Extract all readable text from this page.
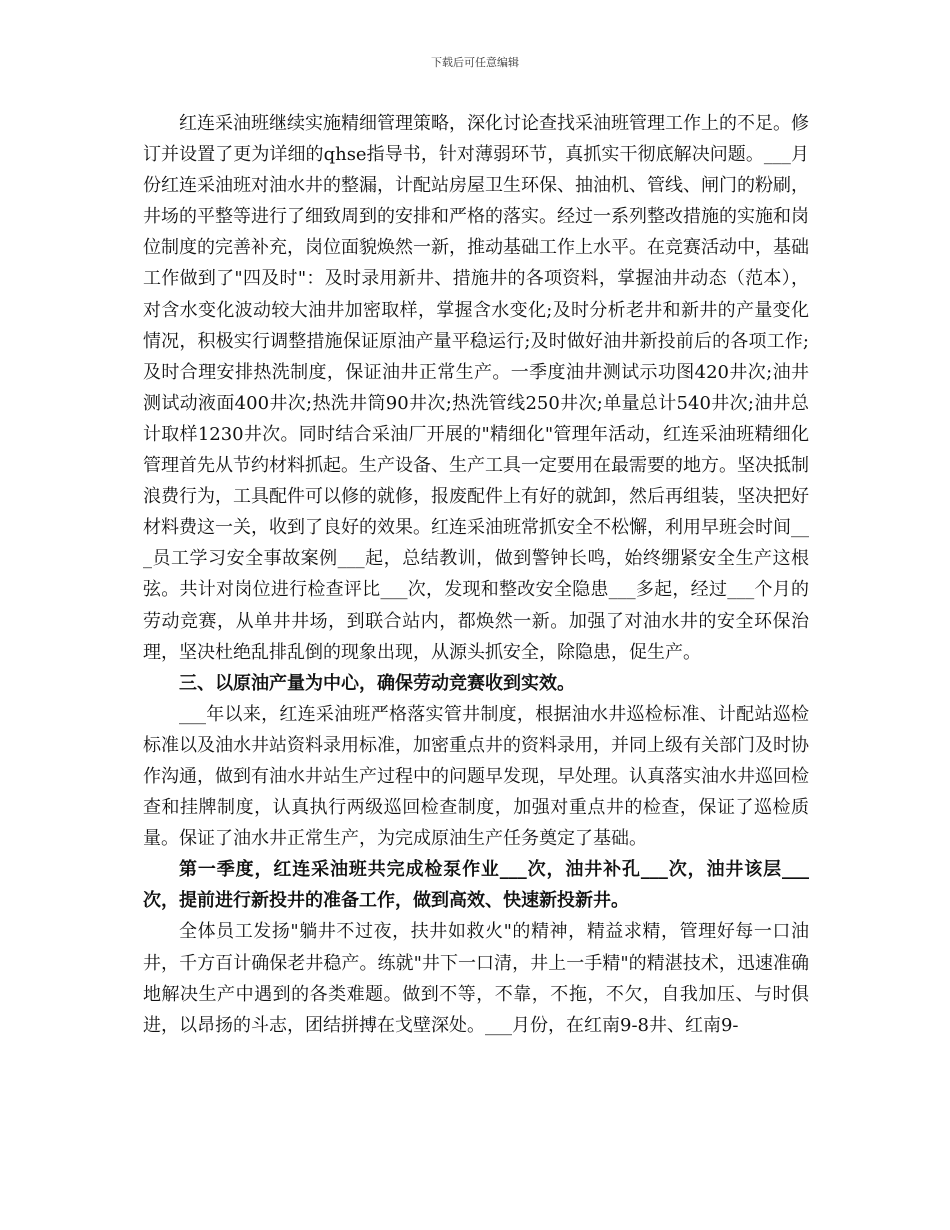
下载后可任意编辑

红连采油班继续实施精细管理策略，深化讨论查找采油班管理工作上的不足。修订并设置了更为详细的qhse指导书，针对薄弱环节，真抓实干彻底解决问题。___月份红连采油班对油水井的整漏，计配站房屋卫生环保、抽油机、管线、闸门的粉刷，井场的平整等进行了细致周到的安排和严格的落实。经过一系列整改措施的实施和岗位制度的完善补充，岗位面貌焕然一新，推动基础工作上水平。在竞赛活动中，基础工作做到了"四及时"：及时录用新井、措施井的各项资料，掌握油井动态（范本），对含水变化波动较大油井加密取样，掌握含水变化;及时分析老井和新井的产量变化情况，积极实行调整措施保证原油产量平稳运行;及时做好油井新投前后的各项工作;及时合理安排热洗制度，保证油井正常生产。一季度油井测试示功图420井次;油井测试动液面400井次;热洗井筒90井次;热洗管线250井次;单量总计540井次;油井总计取样1230井次。同时结合采油厂开展的"精细化"管理年活动，红连采油班精细化管理首先从节约材料抓起。生产设备、生产工具一定要用在最需要的地方。坚决抵制浪费行为，工具配件可以修的就修，报废配件上有好的就卸，然后再组装，坚决把好材料费这一关，收到了良好的效果。红连采油班常抓安全不松懈，利用早班会时间___员工学习安全事故案例___起，总结教训，做到警钟长鸣，始终绷紧安全生产这根弦。共计对岗位进行检查评比___次，发现和整改安全隐患___多起，经过___个月的劳动竞赛，从单井井场，到联合站内，都焕然一新。加强了对油水井的安全环保治理，坚决杜绝乱排乱倒的现象出现，从源头抓安全，除隐患，促生产。

三、以原油产量为中心，确保劳动竞赛收到实效。

___年以来，红连采油班严格落实管井制度，根据油水井巡检标准、计配站巡检标准以及油水井站资料录用标准，加密重点井的资料录用，并同上级有关部门及时协作沟通，做到有油水井站生产过程中的问题早发现，早处理。认真落实油水井巡回检查和挂牌制度，认真执行两级巡回检查制度，加强对重点井的检查，保证了巡检质量。保证了油水井正常生产，为完成原油生产任务奠定了基础。

第一季度，红连采油班共完成检泵作业___次，油井补孔___次，油井该层___次，提前进行新投井的准备工作，做到高效、快速新投新井。

全体员工发扬"躺井不过夜，扶井如救火"的精神，精益求精，管理好每一口油井，千方百计确保老井稳产。练就"井下一口清，井上一手精"的精湛技术，迅速准确地解决生产中遇到的各类难题。做到不等，不靠，不拖，不欠，自我加压、与时俱进，以昂扬的斗志，团结拼搏在戈壁深处。___月份，在红南9-8井、红南9-
